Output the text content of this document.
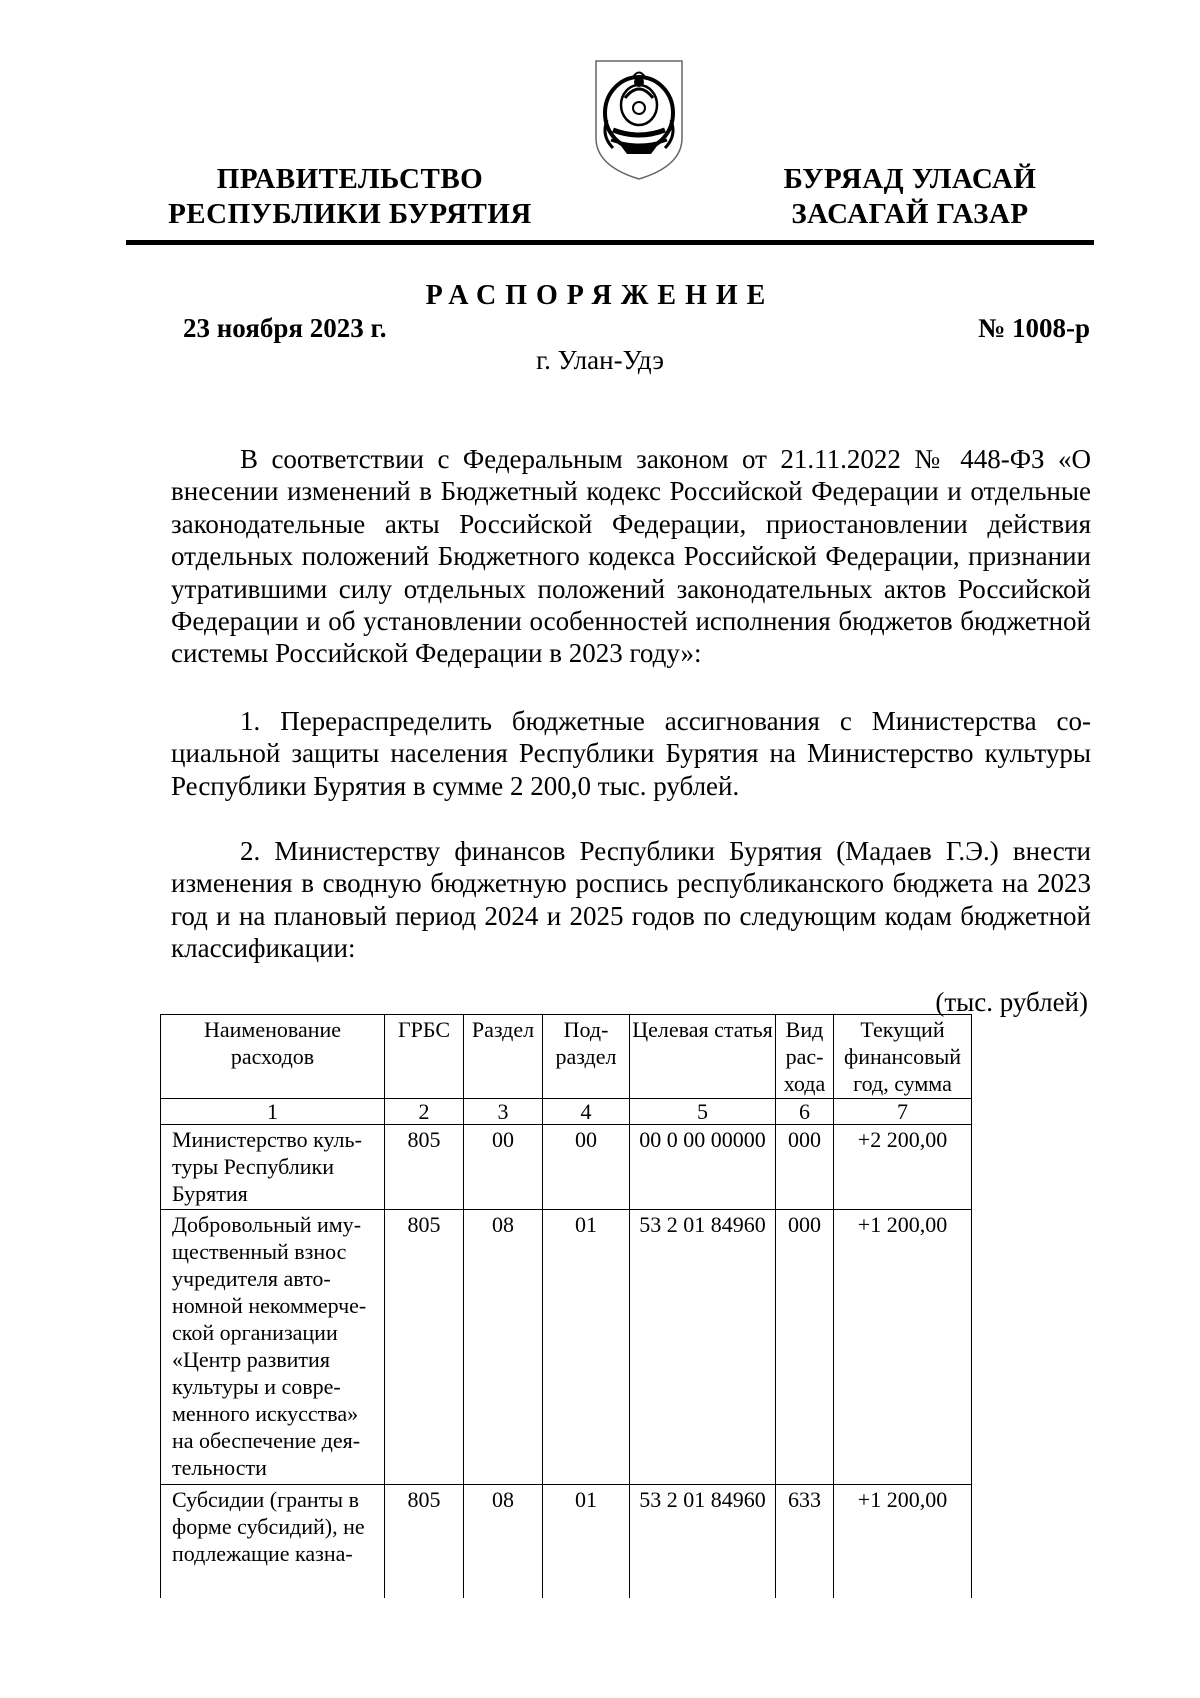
ПРАВИТЕЛЬСТВО
РЕСПУБЛИКИ БУРЯТИЯ
БУРЯАД УЛАСАЙ
ЗАСАГАЙ ГАЗАР
РАСПОРЯЖЕНИЕ
23 ноября 2023 г.	№ 1008-р
г. Улан-Удэ

В соответствии с Федеральным законом от 21.11.2022 № 448-ФЗ «О внесении изменений в Бюджетный кодекс Российской Федерации и отдельные законодательные акты Российской Федерации, приостановлении действия отдельных положений Бюджетного кодекса Российской Федерации, признании утратившими силу отдельных положений законодательных актов Российской Федерации и об установлении особенностей исполнения бюджетов бюджетной системы Российской Федерации в 2023 году»:

1. Перераспределить бюджетные ассигнования с Министерства социальной защиты населения Республики Бурятия на Министерство культуры Республики Бурятия в сумме 2 200,0 тыс. рублей.

2. Министерству финансов Республики Бурятия (Мадаев Г.Э.) внести изменения в сводную бюджетную роспись республиканского бюджета на 2023 год и на плановый период 2024 и 2025 годов по следующим кодам бюджетной классификации:

(тыс. рублей)
Наименование расходов	ГРБС	Раздел	Подраздел	Целевая статья	Вид расхода	Текущий финансовый год, сумма
1	2	3	4	5	6	7
Министерство культуры Республики Бурятия	805	00	00	00 0 00 00000	000	+2 200,00
Добровольный имущественный взнос учредителя автономной некоммерческой организации «Центр развития культуры и современного искусства» на обеспечение деятельности	805	08	01	53 2 01 84960	000	+1 200,00
Субсидии (гранты в форме субсидий), не подлежащие казна-	805	08	01	53 2 01 84960	633	+1 200,00
